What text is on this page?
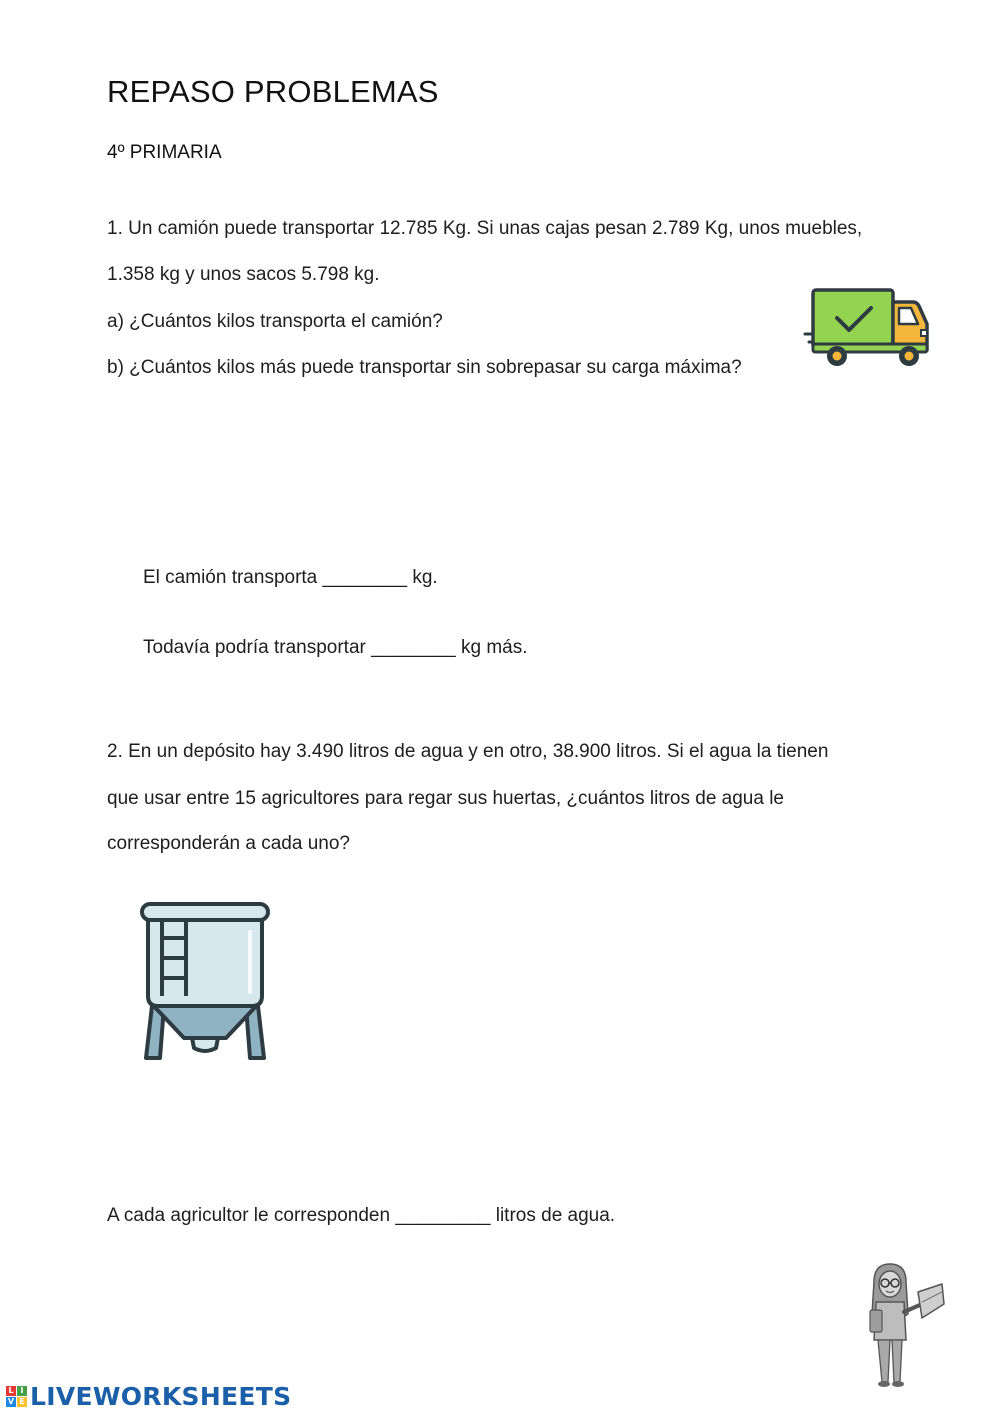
REPASO PROBLEMAS
4º PRIMARIA
1. Un camión puede transportar 12.785 Kg. Si unas cajas pesan 2.789 Kg, unos muebles,
1.358 kg y unos sacos 5.798 kg.
a) ¿Cuántos kilos transporta el camión?
b) ¿Cuántos kilos más puede transportar sin sobrepasar su carga máxima?
El camión transporta ________ kg.
Todavía podría transportar ________ kg más.
2. En un depósito hay 3.490 litros de agua y en otro, 38.900 litros. Si el agua la tienen
que usar entre 15 agricultores para regar sus huertas, ¿cuántos litros de agua le
corresponderán a cada uno?
A cada agricultor le corresponden _________ litros de agua.
L I
V E LIVEWORKSHEETS
